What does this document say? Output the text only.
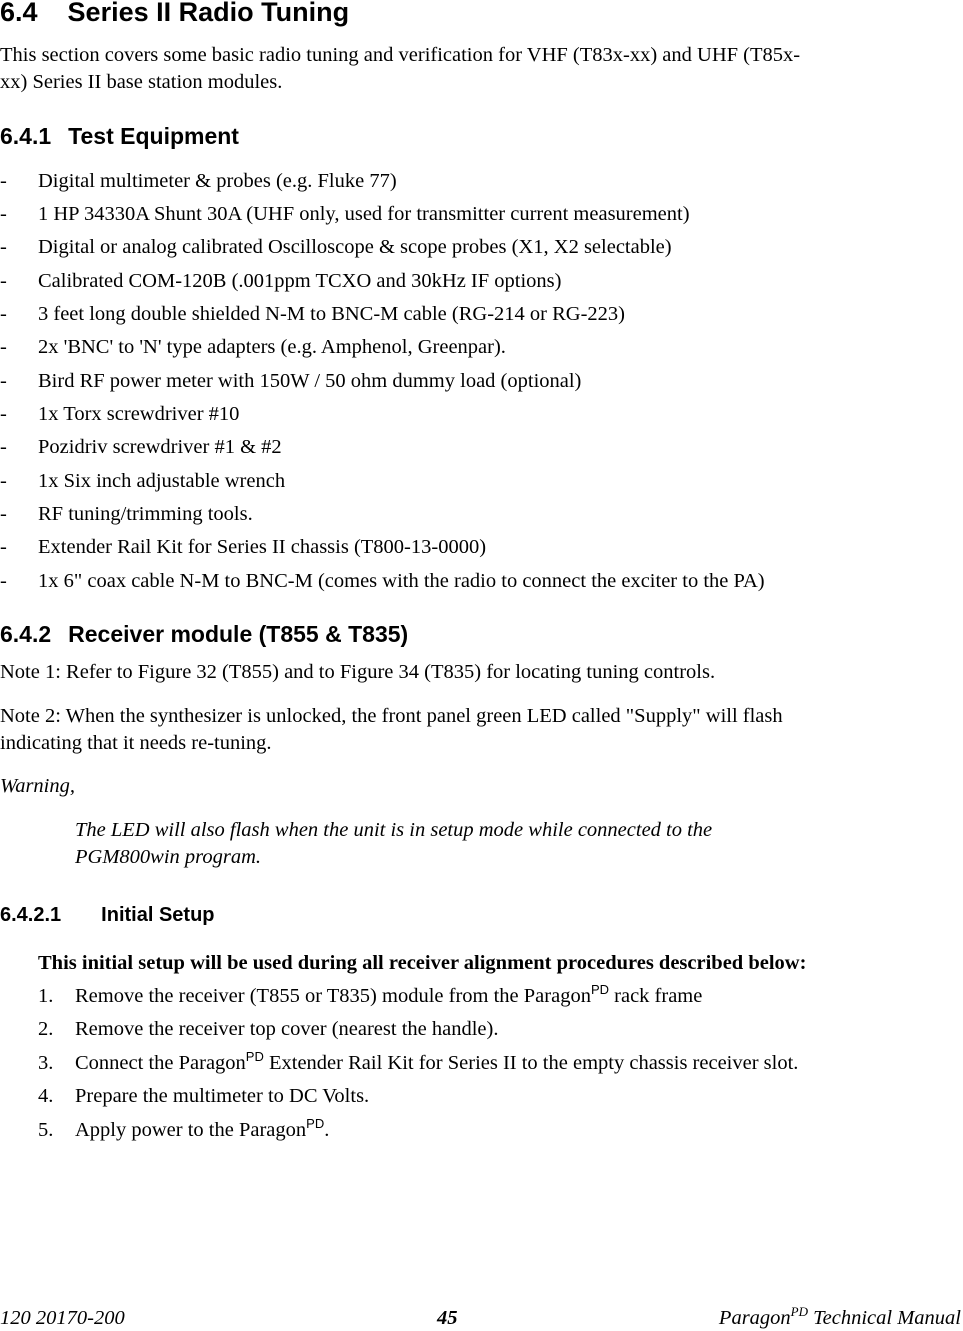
6.4 Series II Radio Tuning
This section covers some basic radio tuning and verification for VHF (T83x-xx) and UHF (T85x-
xx) Series II base station modules.
6.4.1 Test Equipment
- Digital multimeter & probes (e.g. Fluke 77)
- 1 HP 34330A Shunt 30A (UHF only, used for transmitter current measurement)
- Digital or analog calibrated Oscilloscope & scope probes (X1, X2 selectable)
- Calibrated COM-120B (.001ppm TCXO and 30kHz IF options)
- 3 feet long double shielded N-M to BNC-M cable (RG-214 or RG-223)
- 2x 'BNC' to 'N' type adapters (e.g. Amphenol, Greenpar).
- Bird RF power meter with 150W / 50 ohm dummy load (optional)
- 1x Torx screwdriver #10
- Pozidriv screwdriver #1 & #2
- 1x Six inch adjustable wrench
- RF tuning/trimming tools.
- Extender Rail Kit for Series II chassis (T800-13-0000)
- 1x 6" coax cable N-M to BNC-M (comes with the radio to connect the exciter to the PA)
6.4.2 Receiver module (T855 & T835)
Note 1: Refer to Figure 32 (T855) and to Figure 34 (T835) for locating tuning controls.
Note 2: When the synthesizer is unlocked, the front panel green LED called "Supply" will flash
indicating that it needs re-tuning.
Warning,
The LED will also flash when the unit is in setup mode while connected to the
PGM800win program.
6.4.2.1 Initial Setup
This initial setup will be used during all receiver alignment procedures described below:
1. Remove the receiver (T855 or T835) module from the Paragon$^{PD}$ rack frame
2. Remove the receiver top cover (nearest the handle).
3. Connect the Paragon$^{PD}$ Extender Rail Kit for Series II to the empty chassis receiver slot.
4. Prepare the multimeter to DC Volts.
5. Apply power to the Paragon$^{PD}$.
120 20170-200	45	Paragon$^{PD}$ Technical Manual
